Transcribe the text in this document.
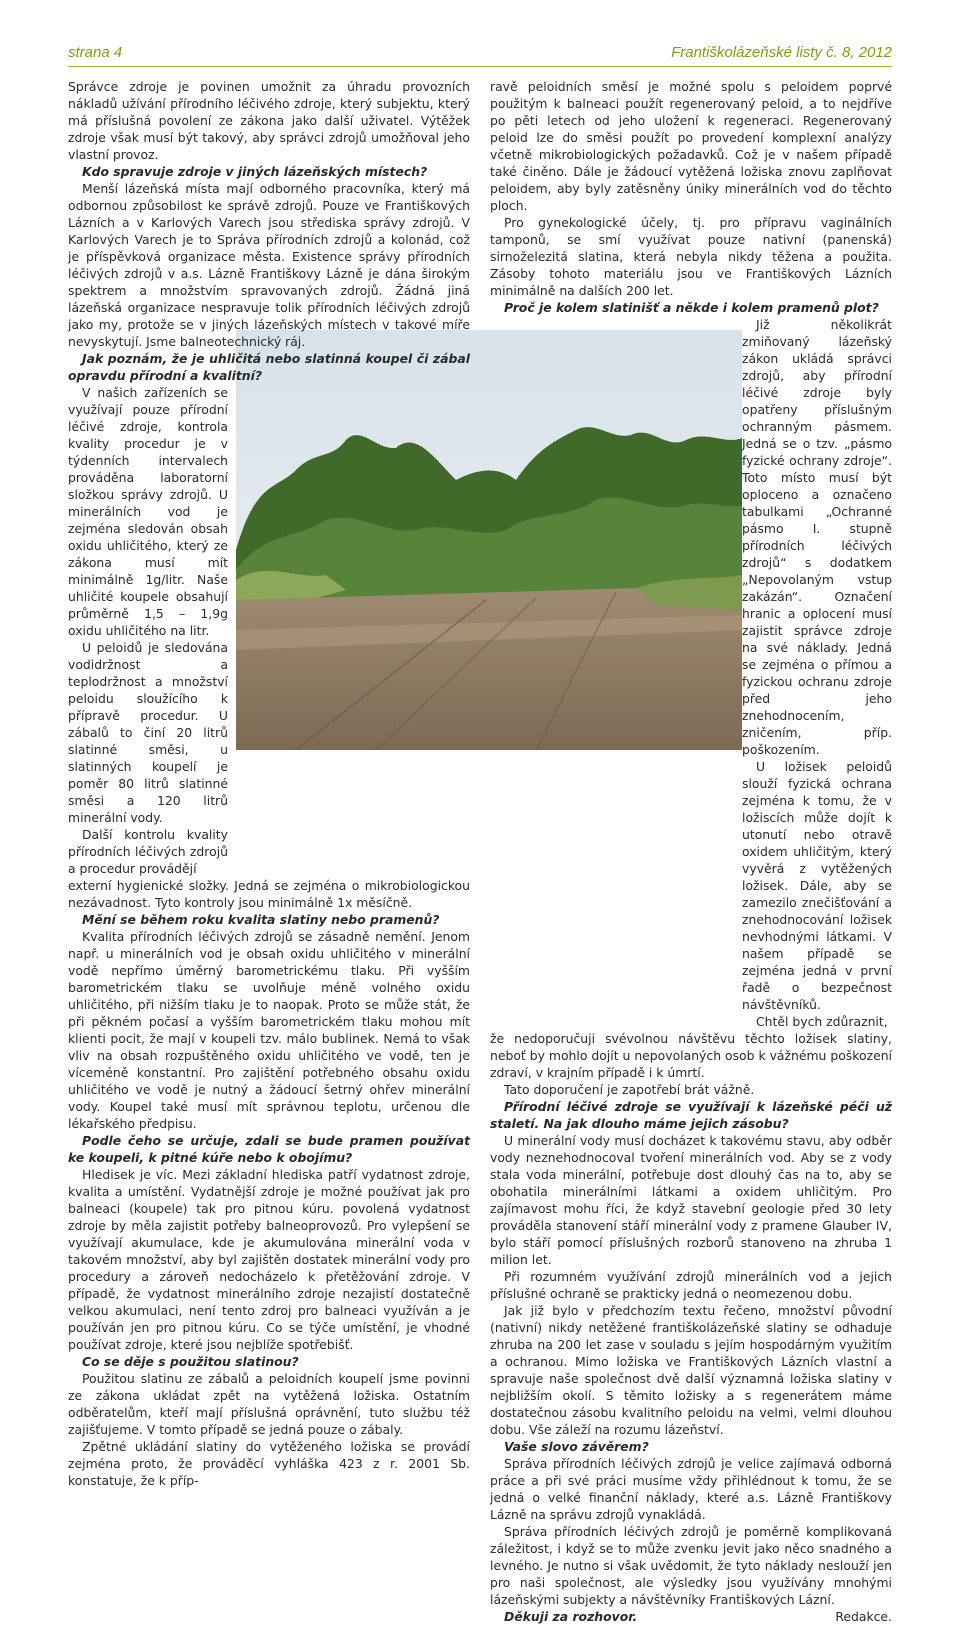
strana 4	Františkolázeňské listy č. 8, 2012

Správce zdroje je povinen umožnit za úhradu provozních nákladů užívání přírodního léčivého zdroje, který subjektu, který má příslušná povolení ze zákona jako další uživatel. Výtěžek zdroje však musí být takový, aby správci zdrojů umožňoval jeho vlastní provoz.

Kdo spravuje zdroje v jiných lázeňských místech?

Menší lázeňská místa mají odborného pracovníka, který má odbornou způsobilost ke správě zdrojů. Pouze ve Františkových Lázních a v Karlových Varech jsou střediska správy zdrojů. V Karlových Varech je to Správa přírodních zdrojů a kolonád, což je příspěvková organizace města. Existence správy přírodních léčivých zdrojů v a.s. Lázně Františkovy Lázně je dána širokým spektrem a množstvím spravovaných zdrojů. Žádná jiná lázeňská organizace nespravuje tolik přírodních léčivých zdrojů jako my, protože se v jiných lázeňských místech v takové míře nevyskytují. Jsme balneotechnický ráj.

Jak poznám, že je uhličitá nebo slatinná koupel či zábal opravdu přírodní a kvalitní?

V našich zařízeních se využívají pouze přírodní léčivé zdroje, kontrola kvality procedur je v týdenních intervalech prováděna laboratorní složkou správy zdrojů. U minerálních vod je zejména sledován obsah oxidu uhličitého, který ze zákona musí mít minimálně 1g/litr. Naše uhličité koupele obsahují průměrně 1,5 – 1,9g oxidu uhličitého na litr.

U peloidů je sledována vodidržnost a teplodržnost a množství peloidu sloužícího k přípravě procedur. U zábalů to činí 20 litrů slatinné směsi, u slatinných koupelí je poměr 80 litrů slatinné směsi a 120 litrů minerální vody.

Další kontrolu kvality přírodních léčivých zdrojů a procedur provádějí

externí hygienické složky. Jedná se zejména o mikrobiologickou nezávadnost. Tyto kontroly jsou minimálně 1x měsíčně.

Mění se během roku kvalita slatiny nebo pramenů?

Kvalita přírodních léčivých zdrojů se zásadně nemění. Jenom např. u minerálních vod je obsah oxidu uhličitého v minerální vodě nepřímo úměrný barometrickému tlaku. Při vyšším barometrickém tlaku se uvolňuje méně volného oxidu uhličitého, při nižším tlaku je to naopak. Proto se může stát, že při pěkném počasí a vyšším barometrickém tlaku mohou mít klienti pocit, že mají v koupeli tzv. málo bublinek. Nemá to však vliv na obsah rozpuštěného oxidu uhličitého ve vodě, ten je víceméně konstantní. Pro zajištění potřebného obsahu oxidu uhličitého ve vodě je nutný a žádoucí šetrný ohřev minerální vody. Koupel také musí mít správnou teplotu, určenou dle lékařského předpisu.

Podle čeho se určuje, zdali se bude pramen používat ke koupeli, k pitné kúře nebo k obojímu?

Hledisek je víc. Mezi základní hlediska patří vydatnost zdroje, kvalita a umístění. Vydatnější zdroje je možné používat jak pro balneaci (koupele) tak pro pitnou kúru. povolená vydatnost zdroje by měla zajistit potřeby balneoprovozů. Pro vylepšení se využívají akumulace, kde je akumulována minerální voda v takovém množství, aby byl zajištěn dostatek minerální vody pro procedury a zároveň nedocházelo k přetěžování zdroje. V případě, že vydatnost minerálního zdroje nezajistí dostatečně velkou akumulaci, není tento zdroj pro balneaci využíván a je používán jen pro pitnou kúru. Co se týče umístění, je vhodné používat zdroje, které jsou nejblíže spotřebišť.

Co se děje s použitou slatinou?

Použitou slatinu ze zábalů a peloidních koupelí jsme povinni ze zákona ukládat zpět na vytěžená ložiska. Ostatním odběratelům, kteří mají příslušná oprávnění, tuto službu též zajišťujeme. V tomto případě se jedná pouze o zábaly.

Zpětné ukládání slatiny do vytěženého ložiska se provádí zejména proto, že prováděcí vyhláška 423 z r. 2001 Sb. konstatuje, že k příp-

ravě peloidních směsí je možné spolu s peloidem poprvé použitým k balneaci použít regenerovaný peloid, a to nejdříve po pěti letech od jeho uložení k regeneraci. Regenerovaný peloid lze do směsi použít po provedení komplexní analýzy včetně mikrobiologických požadavků. Což je v našem případě také činěno. Dále je žádoucí vytěžená ložiska znovu zaplňovat peloidem, aby byly zatěsněny úniky minerálních vod do těchto ploch.

Pro gynekologické účely, tj. pro přípravu vaginálních tamponů, se smí využívat pouze nativní (panenská) sirnoželezitá slatina, která nebyla nikdy těžena a použita. Zásoby tohoto materiálu jsou ve Františkových Lázních minimálně na dalších 200 let.

Proč je kolem slatinišť a někde i kolem pramenů plot?

Již několikrát zmiňovaný lázeňský zákon ukládá správci zdrojů, aby přírodní léčivé zdroje byly opatřeny příslušným ochranným pásmem. Jedná se o tzv. „pásmo fyzické ochrany zdroje“. Toto místo musí být oploceno a označeno tabulkami „Ochranné pásmo I. stupně přírodních léčivých zdrojů“ s dodatkem „Nepovolaným vstup zakázán“. Označení hranic a oplocení musí zajistit správce zdroje na své náklady. Jedná se zejména o přímou a fyzickou ochranu zdroje před jeho znehodnocením, zničením, příp. poškozením.

U ložisek peloidů slouží fyzická ochrana zejména k tomu, že v ložiscích může dojít k utonutí nebo otravě oxidem uhličitým, který vyvěrá z vytěžených ložisek. Dále, aby se zamezilo znečišťování a znehodnocování ložisek nevhodnými látkami. V našem případě se zejména jedná v první řadě o bezpečnost návštěvníků.

Chtěl bych zdůraznit,

že nedoporučuji svévolnou návštěvu těchto ložisek slatiny, neboť by mohlo dojít u nepovolaných osob k vážnému poškození zdraví, v krajním případě i k úmrtí.

Tato doporučení je zapotřebí brát vážně.

Přírodní léčivé zdroje se využívají k lázeňské péči už staletí. Na jak dlouho máme jejich zásobu?

U minerální vody musí docházet k takovému stavu, aby odběr vody neznehodnocoval tvoření minerálních vod. Aby se z vody stala voda minerální, potřebuje dost dlouhý čas na to, aby se obohatila minerálními látkami a oxidem uhličitým. Pro zajímavost mohu říci, že když stavební geologie před 30 lety prováděla stanovení stáří minerální vody z pramene Glauber IV, bylo stáří pomocí příslušných rozborů stanoveno na zhruba 1 milion let.

Při rozumném využívání zdrojů minerálních vod a jejich příslušné ochraně se prakticky jedná o neomezenou dobu.

Jak již bylo v předchozím textu řečeno, množství původní (nativní) nikdy netěžené františkolázeňské slatiny se odhaduje zhruba na 200 let zase v souladu s jejím hospodárným využitím a ochranou. Mimo ložiska ve Františkových Lázních vlastní a spravuje naše společnost dvě další významná ložiska slatiny v nejbližším okolí. S těmito ložisky a s regenerátem máme dostatečnou zásobu kvalitního peloidu na velmi, velmi dlouhou dobu. Vše záleží na rozumu lázeňství.

Vaše slovo závěrem?

Správa přírodních léčivých zdrojů je velice zajímavá odborná práce a při své práci musíme vždy přihlédnout k tomu, že se jedná o velké finanční náklady, které a.s. Lázně Františkovy Lázně na správu zdrojů vynakládá.

Správa přírodních léčivých zdrojů je poměrně komplikovaná záležitost, i když se to může zvenku jevit jako něco snadného a levného. Je nutno si však uvědomit, že tyto náklady neslouží jen pro naši společnost, ale výsledky jsou využívány mnohými lázeňskými subjekty a návštěvníky Františkových Lázní.

Děkuji za rozhovor.	Redakce.
